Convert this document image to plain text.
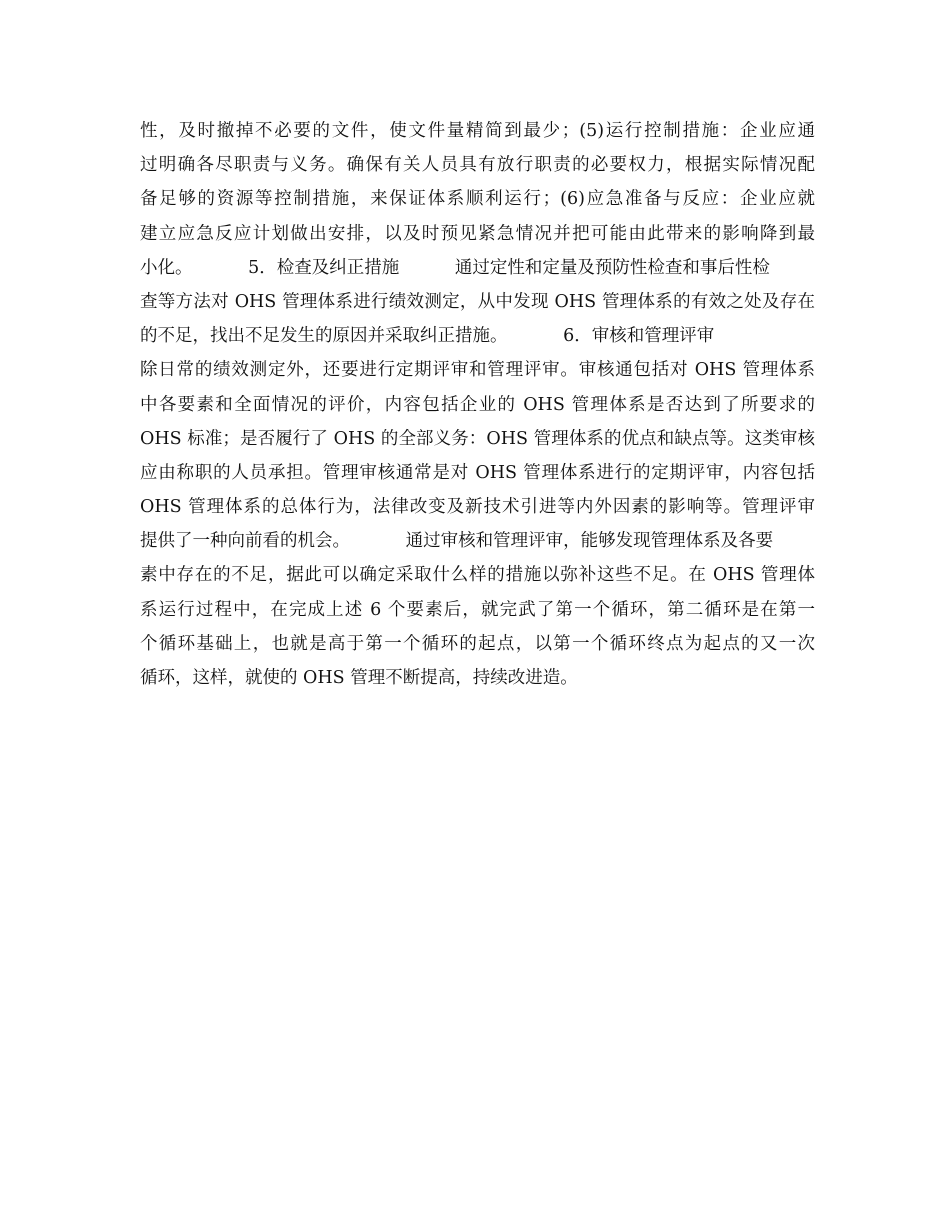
性，及时撤掉不必要的文件，使文件量精简到最少；(5)运行控制措施：企业应通
过明确各尽职责与义务。确保有关人员具有放行职责的必要权力，根据实际情况配
备足够的资源等控制措施，来保证体系顺利运行；(6)应急准备与反应：企业应就
建立应急反应计划做出安排，以及时预见紧急情况并把可能由此带来的影响降到最
小化。          5．检查及纠正措施          通过定性和定量及预防性检查和事后性检
查等方法对 OHS 管理体系进行绩效测定，从中发现 OHS 管理体系的有效之处及存在
的不足，找出不足发生的原因并采取纠正措施。          6．审核和管理评审
除日常的绩效测定外，还要进行定期评审和管理评审。审核通包括对 OHS 管理体系
中各要素和全面情况的评价，内容包括企业的 OHS 管理体系是否达到了所要求的
OHS 标准；是否履行了 OHS 的全部义务：OHS 管理体系的优点和缺点等。这类审核
应由称职的人员承担。管理审核通常是对 OHS 管理体系进行的定期评审，内容包括
OHS 管理体系的总体行为，法律改变及新技术引进等内外因素的影响等。管理评审
提供了一种向前看的机会。          通过审核和管理评审，能够发现管理体系及各要
素中存在的不足，据此可以确定采取什么样的措施以弥补这些不足。在 OHS 管理体
系运行过程中，在完成上述 6 个要素后，就完武了第一个循环，第二循环是在第一
个循环基础上，也就是高于第一个循环的起点，以第一个循环终点为起点的又一次
循环，这样，就使的 OHS 管理不断提高，持续改进造。
